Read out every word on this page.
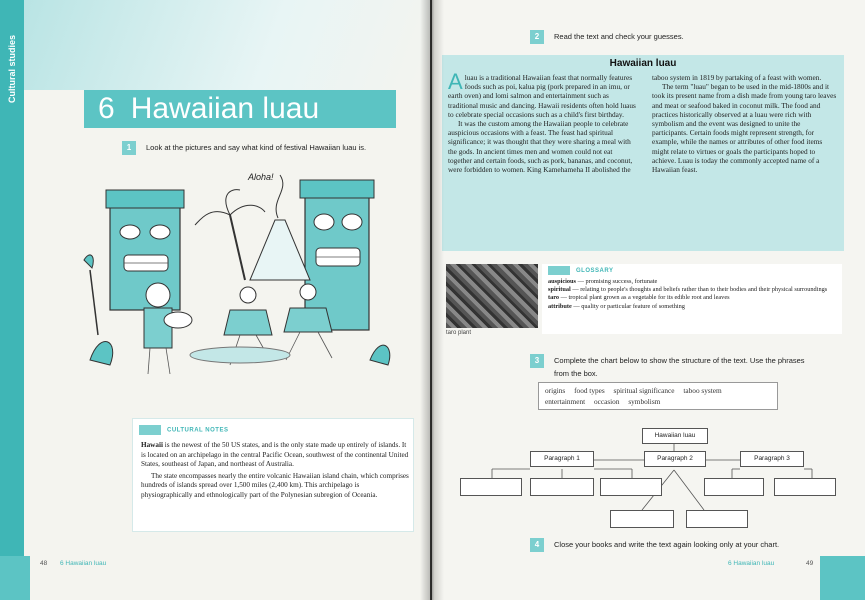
Cultural studies
6 Hawaiian luau
1 Look at the pictures and say what kind of festival Hawaiian luau is.
Aloha!
CULTURAL NOTES

Hawaii is the newest of the 50 US states, and is the only state made up entirely of islands. It is located on an archipelago in the central Pacific Ocean, southwest of the continental United States, southeast of Japan, and northeast of Australia.

The state encompasses nearly the entire volcanic Hawaiian island chain, which comprises hundreds of islands spread over 1,500 miles (2,400 km). This archipelago is physiographically and ethnologically part of the Polynesian subregion of Oceania.

48 6 Hawaiian luau
2 Read the text and check your guesses.
Hawaiian luau

A luau is a traditional Hawaiian feast that normally features foods such as poi, kalua pig (pork prepared in an imu, or earth oven) and lomi salmon and entertainment such as traditional music and dancing. Hawaii residents often hold luaus to celebrate special occasions such as a child's first birthday.

It was the custom among the Hawaiian people to celebrate auspicious occasions with a feast. The feast had spiritual significance; it was thought that they were sharing a meal with the gods. In ancient times men and women could not eat together and certain foods, such as pork, bananas, and coconut, were forbidden to women. King Kamehameha II abolished the

taboo system in 1819 by partaking of a feast with women.

The term "luau" began to be used in the mid-1800s and it took its present name from a dish made from young taro leaves and meat or seafood baked in coconut milk. The food and practices historically observed at a luau were rich with symbolism and the event was designed to unite the participants. Certain foods might represent strength, for example, while the names or attributes of other food items might relate to virtues or goals the participants hoped to achieve. Luau is today the commonly accepted name of a Hawaiian feast.

taro plant
GLOSSARY
auspicious — promising success, fortunate
spiritual — relating to people's thoughts and beliefs rather than to their bodies and their physical surroundings
taro — tropical plant grown as a vegetable for its edible root and leaves
attribute — quality or particular feature of something
3 Complete the chart below to show the structure of the text. Use the phrases
from the box.
origins food types spiritual significance taboo system
entertainment occasion symbolism
Hawaiian luau
Paragraph 1	Paragraph 2	Paragraph 3
4 Close your books and write the text again looking only at your chart.
6 Hawaiian luau	49
